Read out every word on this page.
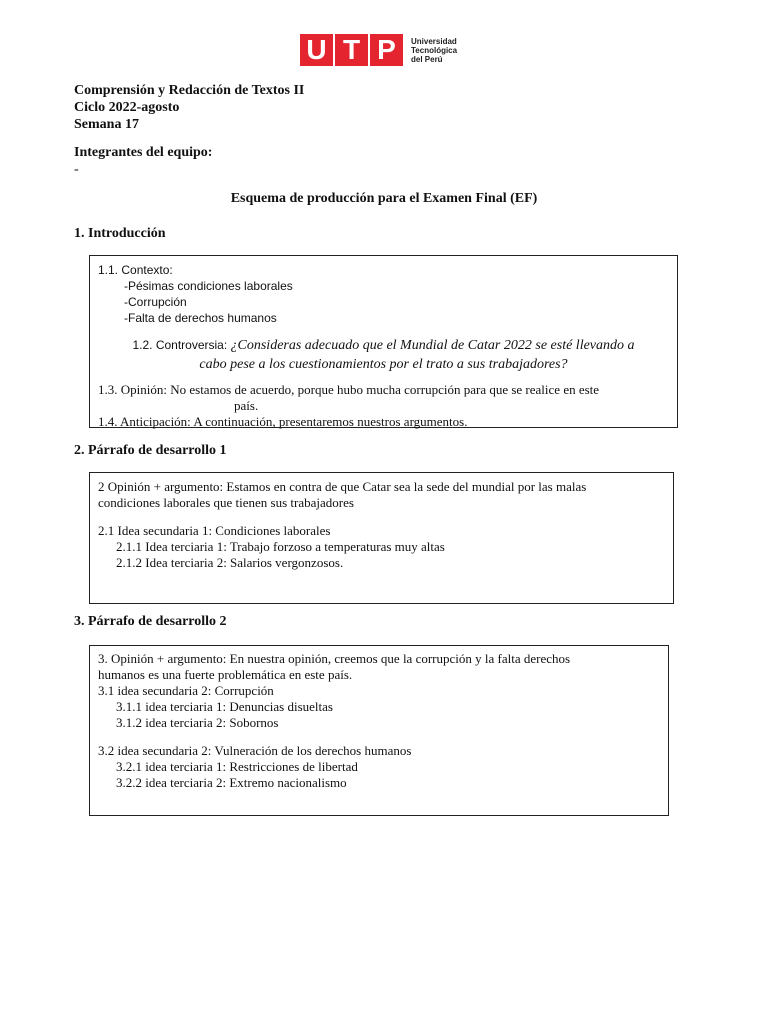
U T P	Universidad
Tecnológica
del Perú
Comprensión y Redacción de Textos II
Ciclo 2022-agosto
Semana 17
Integrantes del equipo:
-
Esquema de producción para el Examen Final (EF)
1. Introducción
1.1. Contexto:
-Pésimas condiciones laborales
-Corrupción
-Falta de derechos humanos
1.2. Controversia: ¿Consideras adecuado que el Mundial de Catar 2022 se esté llevando a
cabo pese a los cuestionamientos por el trato a sus trabajadores?
1.3. Opinión: No estamos de acuerdo, porque hubo mucha corrupción para que se realice en este
país.
1.4. Anticipación: A continuación, presentaremos nuestros argumentos.
2. Párrafo de desarrollo 1
2 Opinión + argumento: Estamos en contra de que Catar sea la sede del mundial por las malas
condiciones laborales que tienen sus trabajadores
2.1 Idea secundaria 1: Condiciones laborales
2.1.1 Idea terciaria 1: Trabajo forzoso a temperaturas muy altas
2.1.2 Idea terciaria 2: Salarios vergonzosos.
3. Párrafo de desarrollo 2
3. Opinión + argumento: En nuestra opinión, creemos que la corrupción y la falta derechos
humanos es una fuerte problemática en este país.
3.1 idea secundaria 2: Corrupción
3.1.1 idea terciaria 1: Denuncias disueltas
3.1.2 idea terciaria 2: Sobornos
3.2 idea secundaria 2: Vulneración de los derechos humanos
3.2.1 idea terciaria 1: Restricciones de libertad
3.2.2 idea terciaria 2: Extremo nacionalismo
